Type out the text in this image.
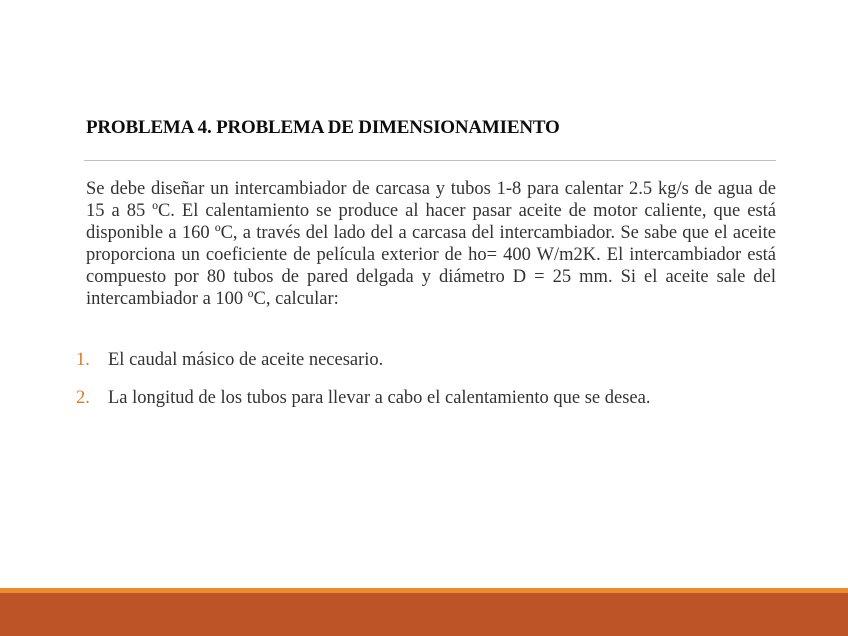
PROBLEMA 4. PROBLEMA DE DIMENSIONAMIENTO

Se debe diseñar un intercambiador de carcasa y tubos 1-8 para calentar 2.5 kg/s de agua de 15 a 85 ºC. El calentamiento se produce al hacer pasar aceite de motor caliente, que está disponible a 160 ºC, a través del lado del a carcasa del intercambiador. Se sabe que el aceite proporciona un coeficiente de película exterior de ho= 400 W/m2K. El intercambiador está compuesto por 80 tubos de pared delgada y diámetro D = 25 mm. Si el aceite sale del intercambiador a 100 ºC, calcular:

1. El caudal másico de aceite necesario.
2. La longitud de los tubos para llevar a cabo el calentamiento que se desea.
